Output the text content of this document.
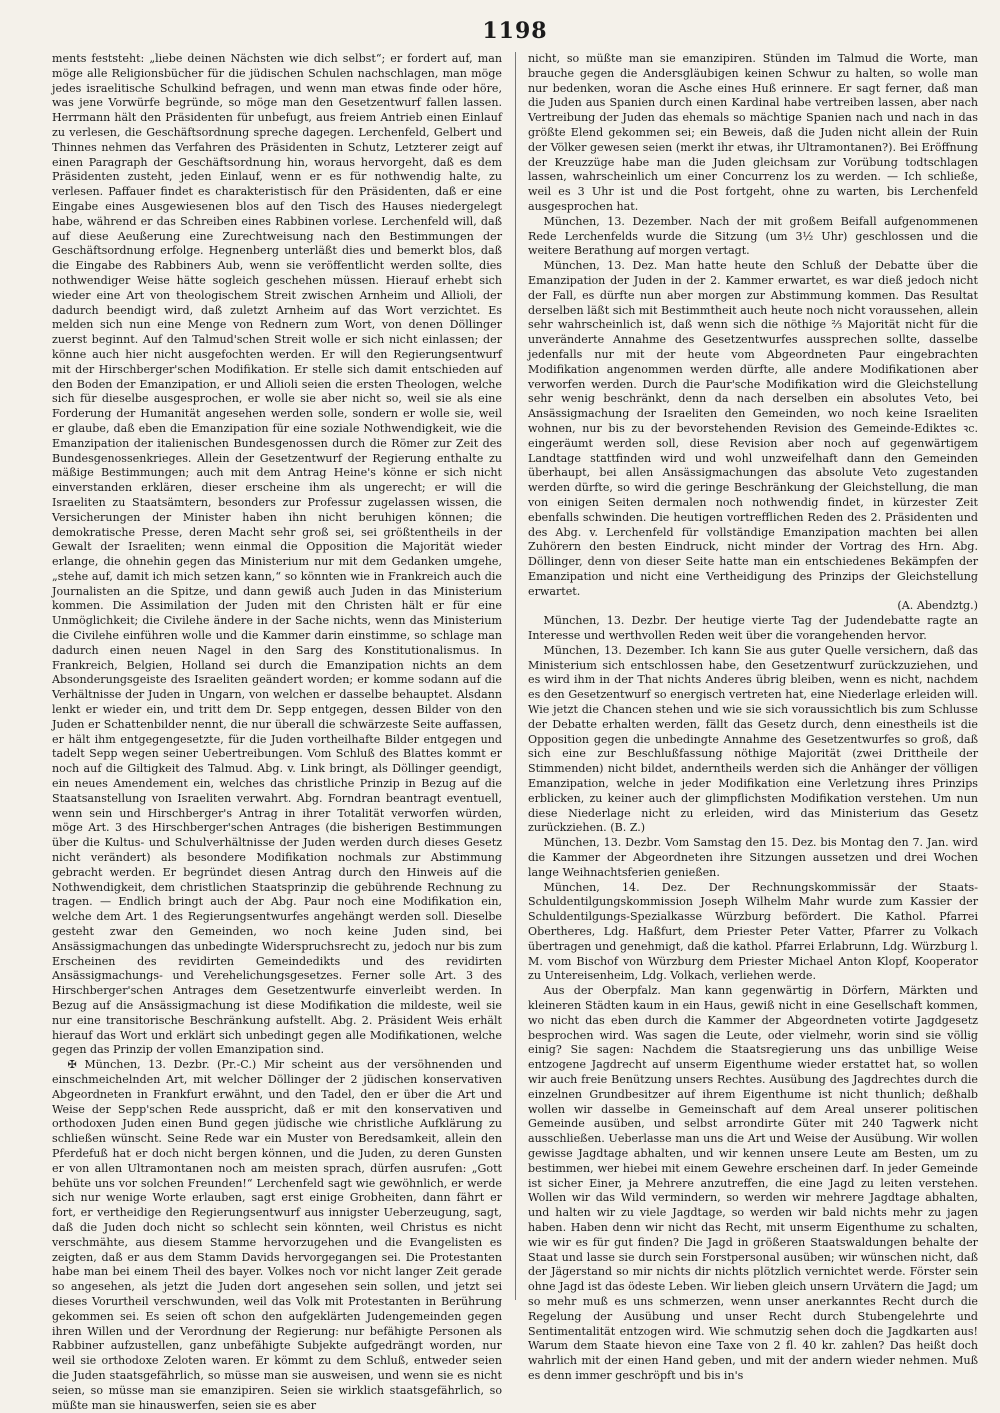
1198

ments feststeht: „liebe deinen Nächsten wie dich selbst“; er fordert auf, man möge alle Religionsbücher für die jüdischen Schulen nachschlagen, man möge jedes israelitische Schulkind befragen, und wenn man etwas finde oder höre, was jene Vorwürfe begründe, so möge man den Gesetzentwurf fallen lassen. Herrmann hält den Präsidenten für unbefugt, aus freiem Antrieb einen Einlauf zu verlesen, die Geschäftsordnung spreche dagegen. Lerchenfeld, Gelbert und Thinnes nehmen das Verfahren des Präsidenten in Schutz, Letzterer zeigt auf einen Paragraph der Geschäftsordnung hin, woraus hervorgeht, daß es dem Präsidenten zusteht, jeden Einlauf, wenn er es für nothwendig halte, zu verlesen. Paffauer findet es charakteristisch für den Präsidenten, daß er eine Eingabe eines Ausgewiesenen blos auf den Tisch des Hauses niedergelegt habe, während er das Schreiben eines Rabbinen vorlese. Lerchenfeld will, daß auf diese Aeußerung eine Zurechtweisung nach den Bestimmungen der Geschäftsordnung erfolge. Hegnenberg unterläßt dies und bemerkt blos, daß die Eingabe des Rabbiners Aub, wenn sie veröffentlicht werden sollte, dies nothwendiger Weise hätte sogleich geschehen müssen. Hierauf erhebt sich wieder eine Art von theologischem Streit zwischen Arnheim und Allioli, der dadurch beendigt wird, daß zuletzt Arnheim auf das Wort verzichtet. Es melden sich nun eine Menge von Rednern zum Wort, von denen Döllinger zuerst beginnt. Auf den Talmud'schen Streit wolle er sich nicht einlassen; der könne auch hier nicht ausgefochten werden. Er will den Regierungsentwurf mit der Hirschberger'schen Modifikation. Er stelle sich damit entschieden auf den Boden der Emanzipation, er und Allioli seien die ersten Theologen, welche sich für dieselbe ausgesprochen, er wolle sie aber nicht so, weil sie als eine Forderung der Humanität angesehen werden solle, sondern er wolle sie, weil er glaube, daß eben die Emanzipation für eine soziale Nothwendigkeit, wie die Emanzipation der italienischen Bundesgenossen durch die Römer zur Zeit des Bundesgenossenkrieges. Allein der Gesetzentwurf der Regierung enthalte zu mäßige Bestimmungen; auch mit dem Antrag Heine's könne er sich nicht einverstanden erklären, dieser erscheine ihm als ungerecht; er will die Israeliten zu Staatsämtern, besonders zur Professur zugelassen wissen, die Versicherungen der Minister haben ihn nicht beruhigen können; die demokratische Presse, deren Macht sehr groß sei, sei größtentheils in der Gewalt der Israeliten; wenn einmal die Opposition die Majorität wieder erlange, die ohnehin gegen das Ministerium nur mit dem Gedanken umgehe, „stehe auf, damit ich mich setzen kann,“ so könnten wie in Frankreich auch die Journalisten an die Spitze, und dann gewiß auch Juden in das Ministerium kommen. Die Assimilation der Juden mit den Christen hält er für eine Unmöglichkeit; die Civilehe ändere in der Sache nichts, wenn das Ministerium die Civilehe einführen wolle und die Kammer darin einstimme, so schlage man dadurch einen neuen Nagel in den Sarg des Konstitutionalismus. In Frankreich, Belgien, Holland sei durch die Emanzipation nichts an dem Absonderungsgeiste des Israeliten geändert worden; er komme sodann auf die Verhältnisse der Juden in Ungarn, von welchen er dasselbe behauptet. Alsdann lenkt er wieder ein, und tritt dem Dr. Sepp entgegen, dessen Bilder von den Juden er Schattenbilder nennt, die nur überall die schwärzeste Seite auffassen, er hält ihm entgegengesetzte, für die Juden vortheilhafte Bilder entgegen und tadelt Sepp wegen seiner Uebertreibungen. Vom Schluß des Blattes kommt er noch auf die Giltigkeit des Talmud. Abg. v. Link bringt, als Döllinger geendigt, ein neues Amendement ein, welches das christliche Prinzip in Bezug auf die Staatsanstellung von Israeliten verwahrt. Abg. Forndran beantragt eventuell, wenn sein und Hirschberger's Antrag in ihrer Totalität verworfen würden, möge Art. 3 des Hirschberger'schen Antrages (die bisherigen Bestimmungen über die Kultus- und Schulverhältnisse der Juden werden durch dieses Gesetz nicht verändert) als besondere Modifikation nochmals zur Abstimmung gebracht werden. Er begründet diesen Antrag durch den Hinweis auf die Nothwendigkeit, dem christlichen Staatsprinzip die gebührende Rechnung zu tragen. — Endlich bringt auch der Abg. Paur noch eine Modifikation ein, welche dem Art. 1 des Regierungsentwurfes angehängt werden soll. Dieselbe gesteht zwar den Gemeinden, wo noch keine Juden sind, bei Ansässigmachungen das unbedingte Widerspruchsrecht zu, jedoch nur bis zum Erscheinen des revidirten Gemeindedikts und des revidirten Ansässigmachungs- und Verehelichungsgesetzes. Ferner solle Art. 3 des Hirschberger'schen Antrages dem Gesetzentwurfe einverleibt werden. In Bezug auf die Ansässigmachung ist diese Modifikation die mildeste, weil sie nur eine transitorische Beschränkung aufstellt. Abg. 2. Präsident Weis erhält hierauf das Wort und erklärt sich unbedingt gegen alle Modifikationen, welche gegen das Prinzip der vollen Emanzipation sind.

✠ München, 13. Dezbr. (Pr.-C.) Mir scheint aus der versöhnenden und einschmeichelnden Art, mit welcher Döllinger der 2 jüdischen konservativen Abgeordneten in Frankfurt erwähnt, und den Tadel, den er über die Art und Weise der Sepp'schen Rede ausspricht, daß er mit den konservativen und orthodoxen Juden einen Bund gegen jüdische wie christliche Aufklärung zu schließen wünscht. Seine Rede war ein Muster von Beredsamkeit, allein den Pferdefuß hat er doch nicht bergen können, und die Juden, zu deren Gunsten er von allen Ultramontanen noch am meisten sprach, dürfen ausrufen: „Gott behüte uns vor solchen Freunden!“ Lerchenfeld sagt wie gewöhnlich, er werde sich nur wenige Worte erlauben, sagt erst einige Grobheiten, dann fährt er fort, er vertheidige den Regierungsentwurf aus innigster Ueberzeugung, sagt, daß die Juden doch nicht so schlecht sein könnten, weil Christus es nicht verschmähte, aus diesem Stamme hervorzugehen und die Evangelisten es zeigten, daß er aus dem Stamm Davids hervorgegangen sei. Die Protestanten habe man bei einem Theil des bayer. Volkes noch vor nicht langer Zeit gerade so angesehen, als jetzt die Juden dort angesehen sein sollen, und jetzt sei dieses Vorurtheil verschwunden, weil das Volk mit Protestanten in Berührung gekommen sei. Es seien oft schon den aufgeklärten Judengemeinden gegen ihren Willen und der Verordnung der Regierung: nur befähigte Personen als Rabbiner aufzustellen, ganz unbefähigte Subjekte aufgedrängt worden, nur weil sie orthodoxe Zeloten waren. Er kömmt zu dem Schluß, entweder seien die Juden staatsgefährlich, so müsse man sie ausweisen, und wenn sie es nicht seien, so müsse man sie emanzipiren. Seien sie wirklich staatsgefährlich, so müßte man sie hinauswerfen, seien sie es aber

nicht, so müßte man sie emanzipiren. Stünden im Talmud die Worte, man brauche gegen die Andersgläubigen keinen Schwur zu halten, so wolle man nur bedenken, woran die Asche eines Huß erinnere. Er sagt ferner, daß man die Juden aus Spanien durch einen Kardinal habe vertreiben lassen, aber nach Vertreibung der Juden das ehemals so mächtige Spanien nach und nach in das größte Elend gekommen sei; ein Beweis, daß die Juden nicht allein der Ruin der Völker gewesen seien (merkt ihr etwas, ihr Ultramontanen?). Bei Eröffnung der Kreuzzüge habe man die Juden gleichsam zur Vorübung todtschlagen lassen, wahrscheinlich um einer Concurrenz los zu werden. — Ich schließe, weil es 3 Uhr ist und die Post fortgeht, ohne zu warten, bis Lerchenfeld ausgesprochen hat.

München, 13. Dezember. Nach der mit großem Beifall aufgenommenen Rede Lerchenfelds wurde die Sitzung (um 3½ Uhr) geschlossen und die weitere Berathung auf morgen vertagt.

München, 13. Dez. Man hatte heute den Schluß der Debatte über die Emanzipation der Juden in der 2. Kammer erwartet, es war dieß jedoch nicht der Fall, es dürfte nun aber morgen zur Abstimmung kommen. Das Resultat derselben läßt sich mit Bestimmtheit auch heute noch nicht voraussehen, allein sehr wahrscheinlich ist, daß wenn sich die nöthige ⅔ Majorität nicht für die unveränderte Annahme des Gesetzentwurfes aussprechen sollte, dasselbe jedenfalls nur mit der heute vom Abgeordneten Paur eingebrachten Modifikation angenommen werden dürfte, alle andere Modifikationen aber verworfen werden. Durch die Paur'sche Modifikation wird die Gleichstellung sehr wenig beschränkt, denn da nach derselben ein absolutes Veto, bei Ansässigmachung der Israeliten den Gemeinden, wo noch keine Israeliten wohnen, nur bis zu der bevorstehenden Revision des Gemeinde-Ediktes ꝛc. eingeräumt werden soll, diese Revision aber noch auf gegenwärtigem Landtage stattfinden wird und wohl unzweifelhaft dann den Gemeinden überhaupt, bei allen Ansässigmachungen das absolute Veto zugestanden werden dürfte, so wird die geringe Beschränkung der Gleichstellung, die man von einigen Seiten dermalen noch nothwendig findet, in kürzester Zeit ebenfalls schwinden. Die heutigen vortrefflichen Reden des 2. Präsidenten und des Abg. v. Lerchenfeld für vollständige Emanzipation machten bei allen Zuhörern den besten Eindruck, nicht minder der Vortrag des Hrn. Abg. Döllinger, denn von dieser Seite hatte man ein entschiedenes Bekämpfen der Emanzipation und nicht eine Vertheidigung des Prinzips der Gleichstellung erwartet.

(A. Abendztg.)

München, 13. Dezbr. Der heutige vierte Tag der Judendebatte ragte an Interesse und werthvollen Reden weit über die vorangehenden hervor.

München, 13. Dezember. Ich kann Sie aus guter Quelle versichern, daß das Ministerium sich entschlossen habe, den Gesetzentwurf zurückzuziehen, und es wird ihm in der That nichts Anderes übrig bleiben, wenn es nicht, nachdem es den Gesetzentwurf so energisch vertreten hat, eine Niederlage erleiden will. Wie jetzt die Chancen stehen und wie sie sich voraussichtlich bis zum Schlusse der Debatte erhalten werden, fällt das Gesetz durch, denn einestheils ist die Opposition gegen die unbedingte Annahme des Gesetzentwurfes so groß, daß sich eine zur Beschlußfassung nöthige Majorität (zwei Drittheile der Stimmenden) nicht bildet, anderntheils werden sich die Anhänger der völligen Emanzipation, welche in jeder Modifikation eine Verletzung ihres Prinzips erblicken, zu keiner auch der glimpflichsten Modifikation verstehen. Um nun diese Niederlage nicht zu erleiden, wird das Ministerium das Gesetz zurückziehen. (B. Z.)

München, 13. Dezbr. Vom Samstag den 15. Dez. bis Montag den 7. Jan. wird die Kammer der Abgeordneten ihre Sitzungen aussetzen und drei Wochen lange Weihnachtsferien genießen.

München, 14. Dez. Der Rechnungskommissär der Staats-Schuldentilgungskommission Joseph Wilhelm Mahr wurde zum Kassier der Schuldentilgungs-Spezialkasse Würzburg befördert. Die Kathol. Pfarrei Obertheres, Ldg. Haßfurt, dem Priester Peter Vatter, Pfarrer zu Volkach übertragen und genehmigt, daß die kathol. Pfarrei Erlabrunn, Ldg. Würzburg l. M. vom Bischof von Würzburg dem Priester Michael Anton Klopf, Kooperator zu Untereisenheim, Ldg. Volkach, verliehen werde.

Aus der Oberpfalz. Man kann gegenwärtig in Dörfern, Märkten und kleineren Städten kaum in ein Haus, gewiß nicht in eine Gesellschaft kommen, wo nicht das eben durch die Kammer der Abgeordneten votirte Jagdgesetz besprochen wird. Was sagen die Leute, oder vielmehr, worin sind sie völlig einig? Sie sagen: Nachdem die Staatsregierung uns das unbillige Weise entzogene Jagdrecht auf unserm Eigenthume wieder erstattet hat, so wollen wir auch freie Benützung unsers Rechtes. Ausübung des Jagdrechtes durch die einzelnen Grundbesitzer auf ihrem Eigenthume ist nicht thunlich; deßhalb wollen wir dasselbe in Gemeinschaft auf dem Areal unserer politischen Gemeinde ausüben, und selbst arrondirte Güter mit 240 Tagwerk nicht ausschließen. Ueberlasse man uns die Art und Weise der Ausübung. Wir wollen gewisse Jagdtage abhalten, und wir kennen unsere Leute am Besten, um zu bestimmen, wer hiebei mit einem Gewehre erscheinen darf. In jeder Gemeinde ist sicher Einer, ja Mehrere anzutreffen, die eine Jagd zu leiten verstehen. Wollen wir das Wild vermindern, so werden wir mehrere Jagdtage abhalten, und halten wir zu viele Jagdtage, so werden wir bald nichts mehr zu jagen haben. Haben denn wir nicht das Recht, mit unserm Eigenthume zu schalten, wie wir es für gut finden? Die Jagd in größeren Staatswaldungen behalte der Staat und lasse sie durch sein Forstpersonal ausüben; wir wünschen nicht, daß der Jägerstand so mir nichts dir nichts plötzlich vernichtet werde. Förster sein ohne Jagd ist das ödeste Leben. Wir lieben gleich unsern Urvätern die Jagd; um so mehr muß es uns schmerzen, wenn unser anerkanntes Recht durch die Regelung der Ausübung und unser Recht durch Stubengelehrte und Sentimentalität entzogen wird. Wie schmutzig sehen doch die Jagdkarten aus! Warum dem Staate hievon eine Taxe von 2 fl. 40 kr. zahlen? Das heißt doch wahrlich mit der einen Hand geben, und mit der andern wieder nehmen. Muß es denn immer geschröpft und bis in's
